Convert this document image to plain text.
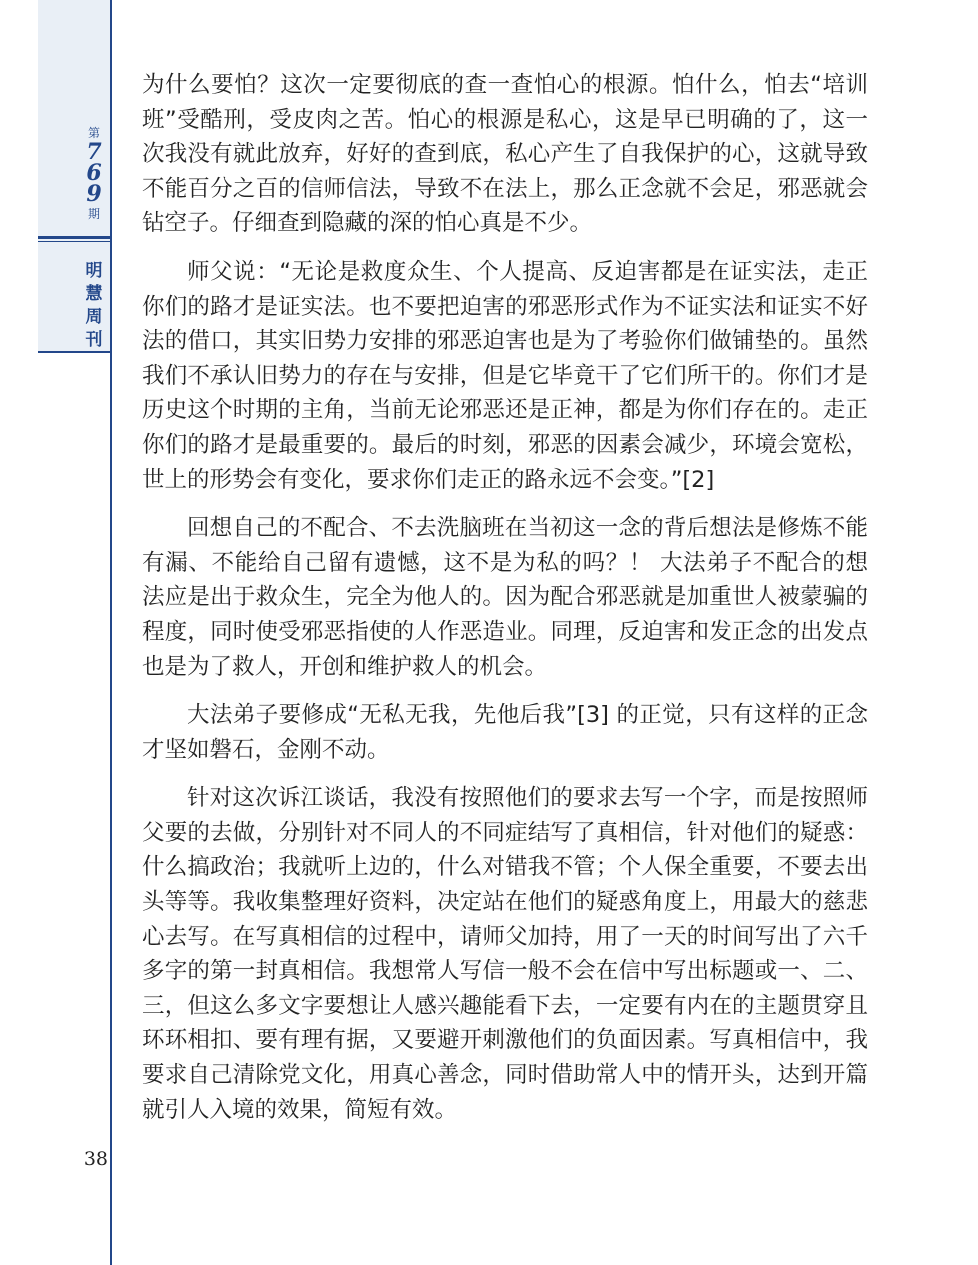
第
7
6
9
期
明
慧
周
刊
38

为什么要怕？这次一定要彻底的查一查怕心的根源。怕什么，怕去“培训班”受酷刑，受皮肉之苦。怕心的根源是私心，这是早已明确的了，这一次我没有就此放弃，好好的查到底，私心产生了自我保护的心，这就导致不能百分之百的信师信法，导致不在法上，那么正念就不会足，邪恶就会钻空子。仔细查到隐藏的深的怕心真是不少。

师父说：“无论是救度众生、个人提高、反迫害都是在证实法，走正你们的路才是证实法。也不要把迫害的邪恶形式作为不证实法和证实不好法的借口，其实旧势力安排的邪恶迫害也是为了考验你们做铺垫的。虽然我们不承认旧势力的存在与安排，但是它毕竟干了它们所干的。你们才是历史这个时期的主角，当前无论邪恶还是正神，都是为你们存在的。走正你们的路才是最重要的。最后的时刻，邪恶的因素会减少，环境会宽松，世上的形势会有变化，要求你们走正的路永远不会变。”[2]

回想自己的不配合、不去洗脑班在当初这一念的背后想法是修炼不能有漏、不能给自己留有遗憾，这不是为私的吗？！ 大法弟子不配合的想法应是出于救众生，完全为他人的。因为配合邪恶就是加重世人被蒙骗的程度，同时使受邪恶指使的人作恶造业。同理，反迫害和发正念的出发点也是为了救人，开创和维护救人的机会。

大法弟子要修成“无私无我，先他后我”[3] 的正觉，只有这样的正念才坚如磐石，金刚不动。

针对这次诉江谈话，我没有按照他们的要求去写一个字，而是按照师父要的去做，分别针对不同人的不同症结写了真相信，针对他们的疑惑：什么搞政治；我就听上边的，什么对错我不管；个人保全重要，不要去出头等等。我收集整理好资料，决定站在他们的疑惑角度上，用最大的慈悲心去写。在写真相信的过程中，请师父加持，用了一天的时间写出了六千多字的第一封真相信。我想常人写信一般不会在信中写出标题或一、二、三，但这么多文字要想让人感兴趣能看下去，一定要有内在的主题贯穿且环环相扣、要有理有据，又要避开刺激他们的负面因素。写真相信中，我要求自己清除党文化，用真心善念，同时借助常人中的情开头，达到开篇就引人入境的效果，简短有效。
